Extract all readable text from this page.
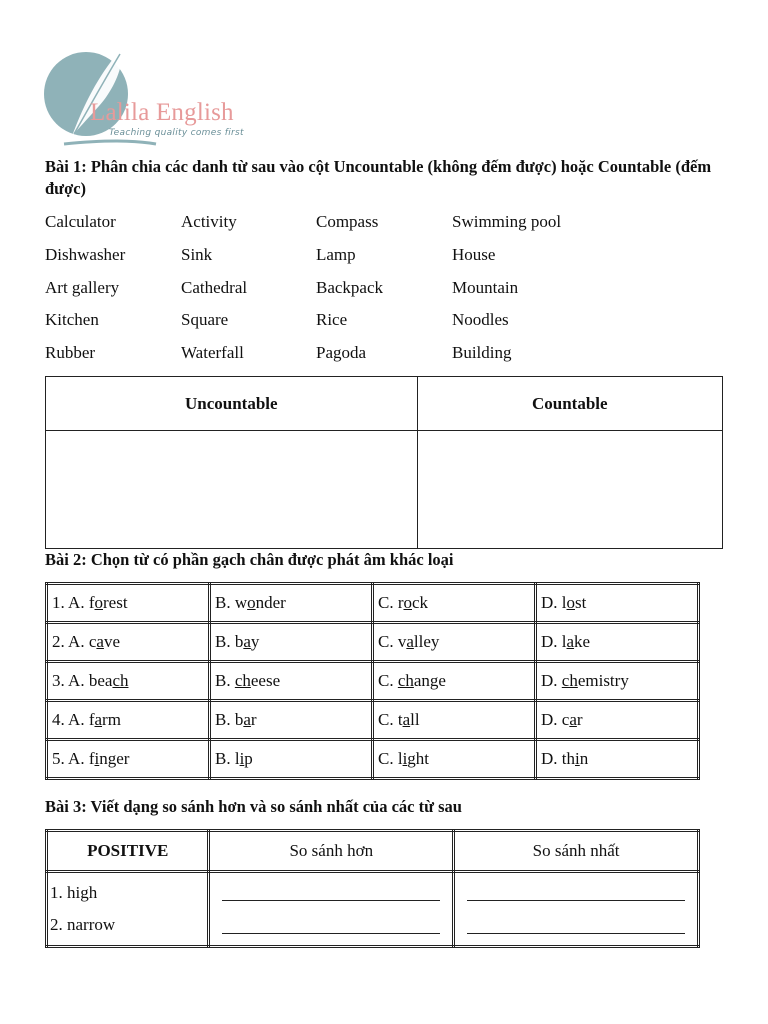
Lalila English
Teaching quality comes first
Bài 1: Phân chia các danh từ sau vào cột Uncountable (không đếm được) hoặc Countable (đếm được)
Calculator	Activity	Compass	Swimming pool
Dishwasher	Sink	Lamp	House
Art gallery	Cathedral	Backpack	Mountain
Kitchen	Square	Rice	Noodles
Rubber	Waterfall	Pagoda	Building
Uncountable	Countable

Bài 2: Chọn từ có phần gạch chân được phát âm khác loại
1. A. forest	B. wonder	C. rock	D. lost
2. A. cave	B. bay	C. valley	D. lake
3. A. beach	B. cheese	C. change	D. chemistry
4. A. farm	B. bar	C. tall	D. car
5. A. finger	B. lip	C. light	D. thin
Bài 3: Viết dạng so sánh hơn và so sánh nhất của các từ sau
POSITIVE	So sánh hơn	So sánh nhất

1. high
2. narrow		
